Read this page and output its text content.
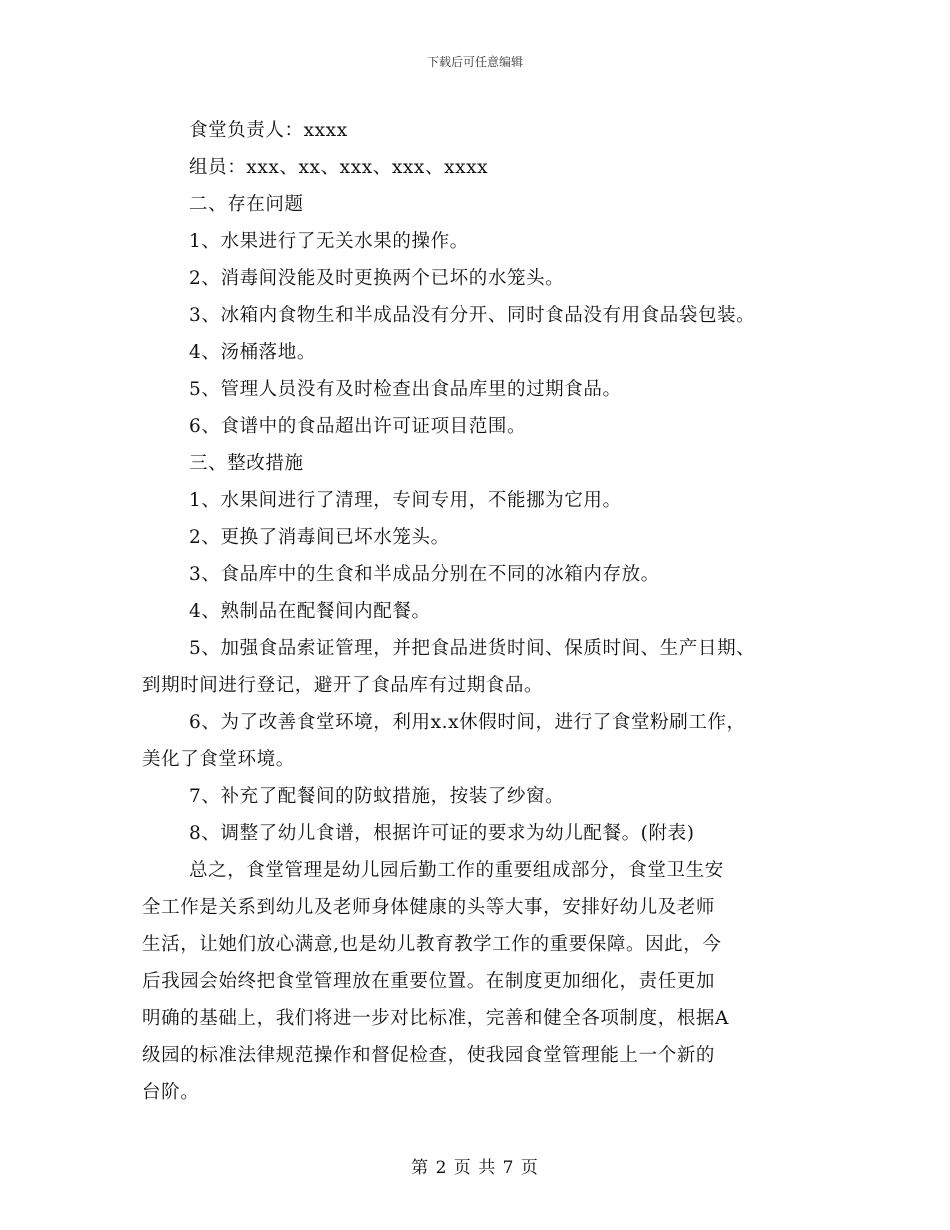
下载后可任意编辑
食堂负责人：xxxx
组员：xxx、xx、xxx、xxx、xxxx
二、存在问题
1、水果进行了无关水果的操作。
2、消毒间没能及时更换两个已坏的水笼头。
3、冰箱内食物生和半成品没有分开、同时食品没有用食品袋包装。
4、汤桶落地。
5、管理人员没有及时检查出食品库里的过期食品。
6、食谱中的食品超出许可证项目范围。
三、整改措施
1、水果间进行了清理，专间专用，不能挪为它用。
2、更换了消毒间已坏水笼头。
3、食品库中的生食和半成品分别在不同的冰箱内存放。
4、熟制品在配餐间内配餐。
5、加强食品索证管理，并把食品进货时间、保质时间、生产日期、
到期时间进行登记，避开了食品库有过期食品。
6、为了改善食堂环境，利用x.x休假时间，进行了食堂粉刷工作，
美化了食堂环境。
7、补充了配餐间的防蚊措施，按装了纱窗。
8、调整了幼儿食谱，根据许可证的要求为幼儿配餐。(附表)
总之，食堂管理是幼儿园后勤工作的重要组成部分，食堂卫生安
全工作是关系到幼儿及老师身体健康的头等大事，安排好幼儿及老师
生活，让她们放心满意,也是幼儿教育教学工作的重要保障。因此，今
后我园会始终把食堂管理放在重要位置。在制度更加细化，责任更加
明确的基础上，我们将进一步对比标准，完善和健全各项制度，根据A
级园的标准法律规范操作和督促检查，使我园食堂管理能上一个新的
台阶。
第 2 页 共 7 页
